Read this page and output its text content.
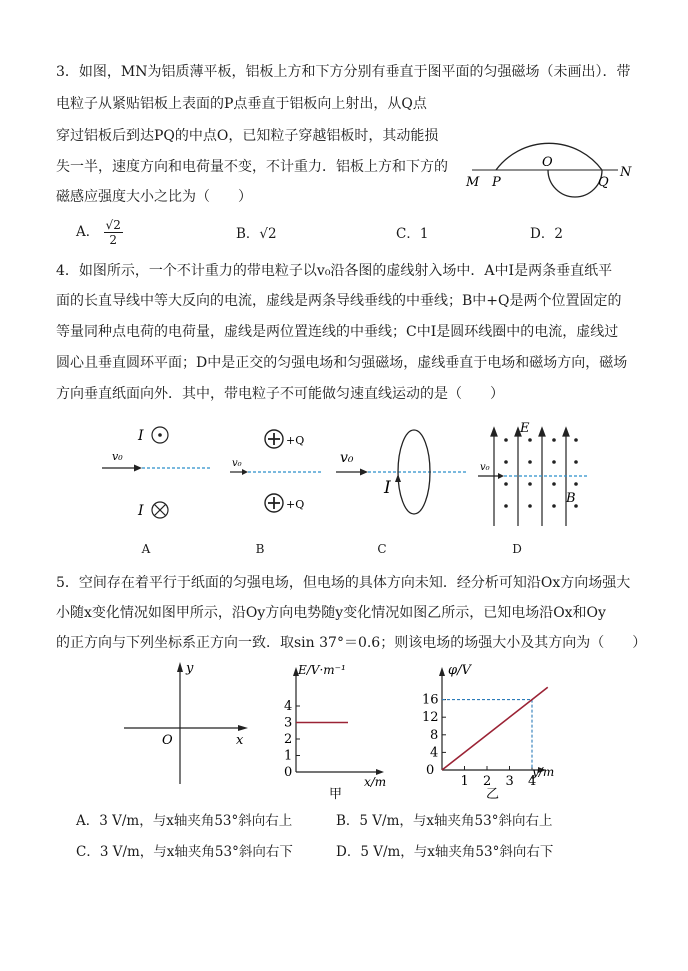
3．如图，MN为铝质薄平板，铝板上方和下方分别有垂直于图平面的匀强磁场（未画出）．带
电粒子从紧贴铝板上表面的P点垂直于铝板向上射出，从Q点
穿过铝板后到达PQ的中点O，已知粒子穿越铝板时，其动能损
失一半，速度方向和电荷量不变，不计重力．铝板上方和下方的
磁感应强度大小之比为（　　）
A． $\frac{√2}{2}$	B．√2	C．1	D．2
M P
O
Q
N
4．如图所示，一个不计重力的带电粒子以v₀沿各图的虚线射入场中．A中I是两条垂直纸平
面的长直导线中等大反向的电流，虚线是两条导线垂线的中垂线；B中+Q是两个位置固定的
等量同种点电荷的电荷量，虚线是两位置连线的中垂线；C中I是圆环线圈中的电流，虚线过
圆心且垂直圆环平面；D中是正交的匀强电场和匀强磁场，虚线垂直于电场和磁场方向，磁场
方向垂直纸面向外．其中，带电粒子不可能做匀速直线运动的是（　　）
I
v₀
I
+Q
v₀
+Q
v₀
I
E
v₀
B
A	B	C	D
5．空间存在着平行于纸面的匀强电场，但电场的具体方向未知．经分析可知沿Ox方向场强大
小随x变化情况如图甲所示，沿Oy方向电势随y变化情况如图乙所示，已知电场沿Ox和Oy
的正方向与下列坐标系正方向一致．取sin 37°＝0.6；则该电场的场强大小及其方向为（　　）
y
x
O
0
1
2
3
4
E/V·m⁻¹
x/m
甲
0
1 2 3 4
4
8
12
16
φ/V
y/m
乙
A．3 V/m，与x轴夹角53°斜向右上	B．5 V/m，与x轴夹角53°斜向右上
C．3 V/m，与x轴夹角53°斜向右下	D．5 V/m，与x轴夹角53°斜向右下
